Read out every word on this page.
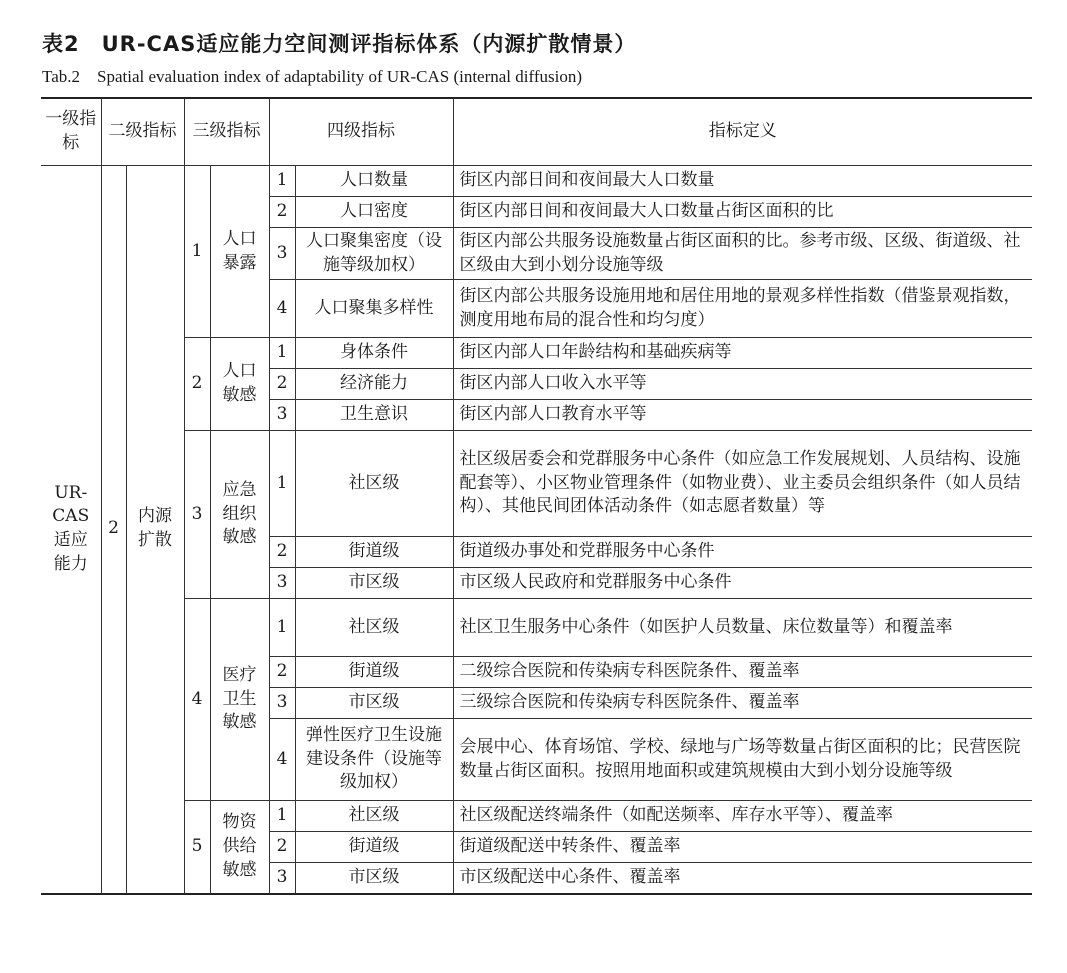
表2　UR-CAS适应能力空间测评指标体系（内源扩散情景）
Tab.2　Spatial evaluation index of adaptability of UR-CAS (internal diffusion)
一级指标	二级指标		三级指标		四级指标		指标定义
UR-CAS适应能力	2	内源扩散	1	人口暴露	1	人口数量	街区内部日间和夜间最大人口数量
					2	人口密度	街区内部日间和夜间最大人口数量占街区面积的比
					3	人口聚集密度（设施等级加权）	街区内部公共服务设施数量占街区面积的比。参考市级、区级、街道级、社区级由大到小划分设施等级
					4	人口聚集多样性	街区内部公共服务设施用地和居住用地的景观多样性指数（借鉴景观指数，测度用地布局的混合性和均匀度）
			2	人口敏感	1	身体条件	街区内部人口年龄结构和基础疾病等
					2	经济能力	街区内部人口收入水平等
					3	卫生意识	街区内部人口教育水平等
			3	应急组织敏感	1	社区级	社区级居委会和党群服务中心条件（如应急工作发展规划、人员结构、设施配套等）、小区物业管理条件（如物业费）、业主委员会组织条件（如人员结构）、其他民间团体活动条件（如志愿者数量）等
					2	街道级	街道级办事处和党群服务中心条件
					3	市区级	市区级人民政府和党群服务中心条件
			4	医疗卫生敏感	1	社区级	社区卫生服务中心条件（如医护人员数量、床位数量等）和覆盖率
					2	街道级	二级综合医院和传染病专科医院条件、覆盖率
					3	市区级	三级综合医院和传染病专科医院条件、覆盖率
					4	弹性医疗卫生设施建设条件（设施等级加权）	会展中心、体育场馆、学校、绿地与广场等数量占街区面积的比；民营医院数量占街区面积。按照用地面积或建筑规模由大到小划分设施等级
			5	物资供给敏感	1	社区级	社区级配送终端条件（如配送频率、库存水平等）、覆盖率
					2	街道级	街道级配送中转条件、覆盖率
					3	市区级	市区级配送中心条件、覆盖率
